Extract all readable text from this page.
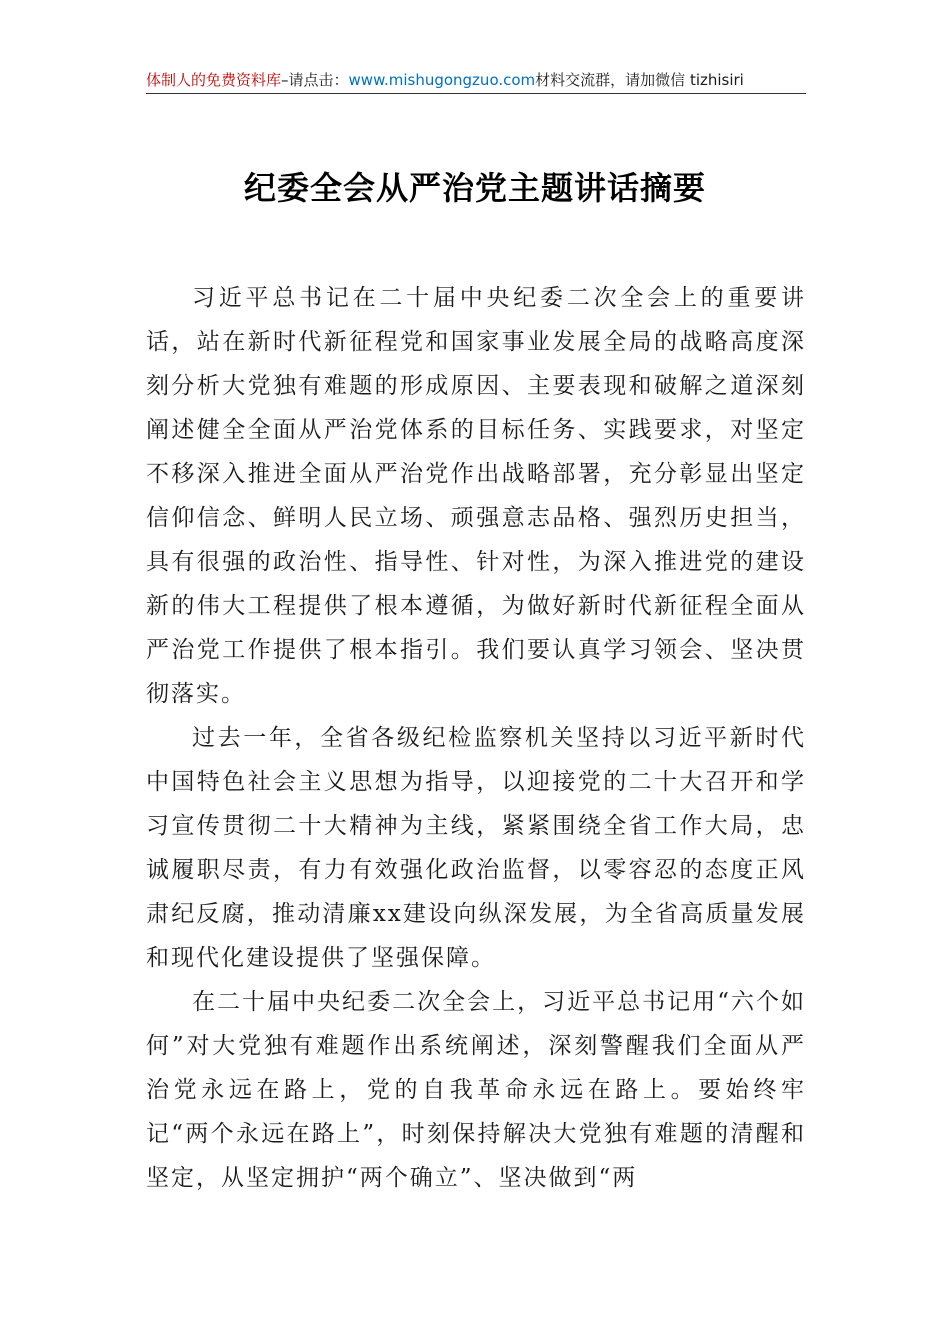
体制人的免费资料库–请点击：www.mishugongzuo.com材料交流群，请加微信 tizhisiri
纪委全会从严治党主题讲话摘要

习近平总书记在二十届中央纪委二次全会上的重要讲话，站在新时代新征程党和国家事业发展全局的战略高度深刻分析大党独有难题的形成原因、主要表现和破解之道深刻阐述健全全面从严治党体系的目标任务、实践要求，对坚定不移深入推进全面从严治党作出战略部署，充分彰显出坚定信仰信念、鲜明人民立场、顽强意志品格、强烈历史担当，具有很强的政治性、指导性、针对性，为深入推进党的建设新的伟大工程提供了根本遵循，为做好新时代新征程全面从严治党工作提供了根本指引。我们要认真学习领会、坚决贯彻落实。

过去一年，全省各级纪检监察机关坚持以习近平新时代中国特色社会主义思想为指导，以迎接党的二十大召开和学习宣传贯彻二十大精神为主线，紧紧围绕全省工作大局，忠诚履职尽责，有力有效强化政治监督，以零容忍的态度正风肃纪反腐，推动清廉xx建设向纵深发展，为全省高质量发展和现代化建设提供了坚强保障。

在二十届中央纪委二次全会上，习近平总书记用“六个如何”对大党独有难题作出系统阐述，深刻警醒我们全面从严治党永远在路上，党的自我革命永远在路上。要始终牢记“两个永远在路上”，时刻保持解决大党独有难题的清醒和坚定，从坚定拥护“两个确立”、坚决做到“两
